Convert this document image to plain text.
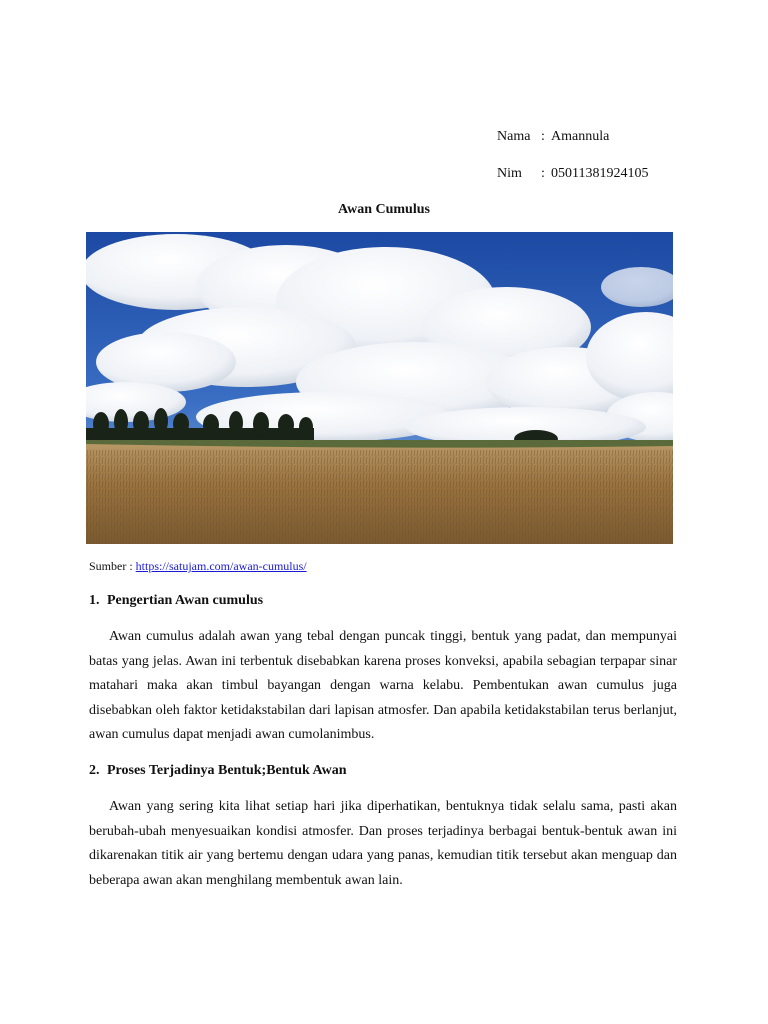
Nama : Amannula
Nim : 05011381924105
Awan Cumulus
Sumber : https://satujam.com/awan-cumulus/
1. Pengertian Awan cumulus

Awan cumulus adalah awan yang tebal dengan puncak tinggi, bentuk yang padat, dan mempunyai batas yang jelas. Awan ini terbentuk disebabkan karena proses konveksi, apabila sebagian terpapar sinar matahari maka akan timbul bayangan dengan warna kelabu. Pembentukan awan cumulus juga disebabkan oleh faktor ketidakstabilan dari lapisan atmosfer. Dan apabila ketidakstabilan terus berlanjut, awan cumulus dapat menjadi awan cumolanimbus.

2. Proses Terjadinya Bentuk;Bentuk Awan

Awan yang sering kita lihat setiap hari jika diperhatikan, bentuknya tidak selalu sama, pasti akan berubah-ubah menyesuaikan kondisi atmosfer. Dan proses terjadinya berbagai bentuk-bentuk awan ini dikarenakan titik air yang bertemu dengan udara yang panas, kemudian titik tersebut akan menguap dan beberapa awan akan menghilang membentuk awan lain.
